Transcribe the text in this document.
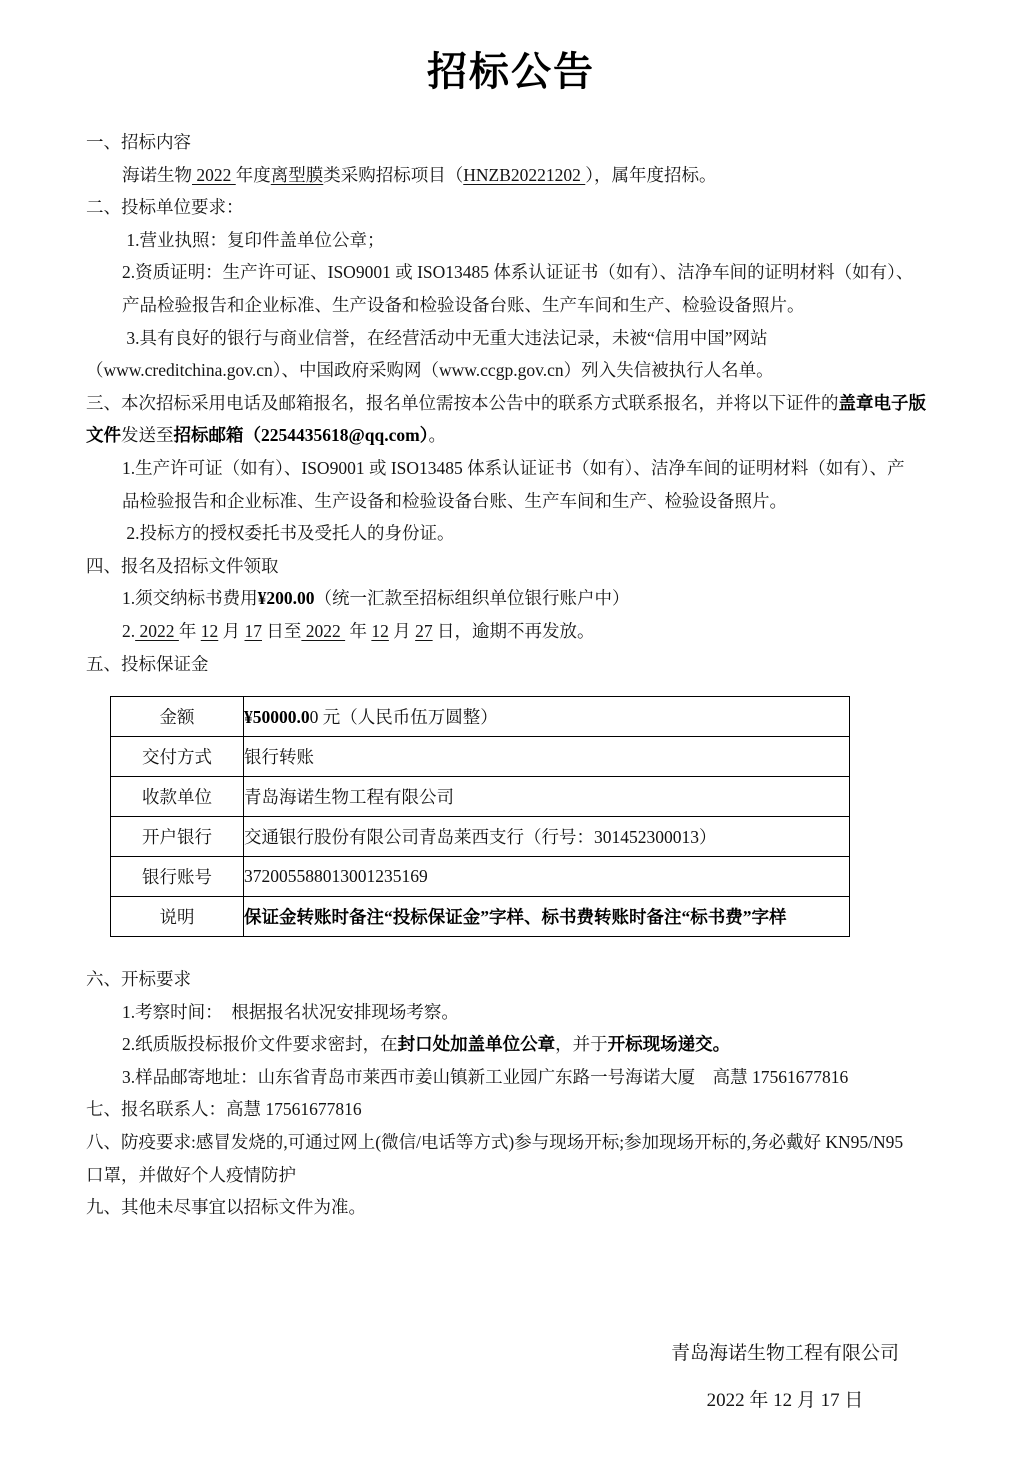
招标公告
一、招标内容
海诺生物 2022 年度离型膜类采购招标项目（HNZB20221202 ），属年度招标。
二、投标单位要求：
1.营业执照：复印件盖单位公章；
2.资质证明：生产许可证、ISO9001 或 ISO13485 体系认证证书（如有）、洁净车间的证明材料（如有）、
产品检验报告和企业标准、生产设备和检验设备台账、生产车间和生产、检验设备照片。
3.具有良好的银行与商业信誉，在经营活动中无重大违法记录，未被“信用中国”网站
（www.creditchina.gov.cn）、中国政府采购网（www.ccgp.gov.cn）列入失信被执行人名单。
三、本次招标采用电话及邮箱报名，报名单位需按本公告中的联系方式联系报名，并将以下证件的盖章电子版
文件发送至招标邮箱（2254435618@qq.com）。
1.生产许可证（如有）、ISO9001 或 ISO13485 体系认证证书（如有）、洁净车间的证明材料（如有）、产
品检验报告和企业标准、生产设备和检验设备台账、生产车间和生产、检验设备照片。
2.投标方的授权委托书及受托人的身份证。
四、报名及招标文件领取
1.须交纳标书费用¥200.00（统一汇款至招标组织单位银行账户中）
2. 2022 年 12 月 17 日至 2022  年 12 月 27 日，逾期不再发放。
五、投标保证金
金额	¥50000.00 元（人民币伍万圆整）
交付方式	银行转账
收款单位	青岛海诺生物工程有限公司
开户银行	交通银行股份有限公司青岛莱西支行（行号：301452300013）
银行账号	372005588013001235169
说明	保证金转账时备注“投标保证金”字样、标书费转账时备注“标书费”字样
六、开标要求
1.考察时间：　根据报名状况安排现场考察。
2.纸质版投标报价文件要求密封，在封口处加盖单位公章，并于开标现场递交。
3.样品邮寄地址：山东省青岛市莱西市姜山镇新工业园广东路一号海诺大厦　高慧 17561677816
七、报名联系人：高慧 17561677816
八、防疫要求:感冒发烧的,可通过网上(微信/电话等方式)参与现场开标;参加现场开标的,务必戴好 KN95/N95
口罩，并做好个人疫情防护
九、其他未尽事宜以招标文件为准。
青岛海诺生物工程有限公司
2022 年 12 月 17 日
